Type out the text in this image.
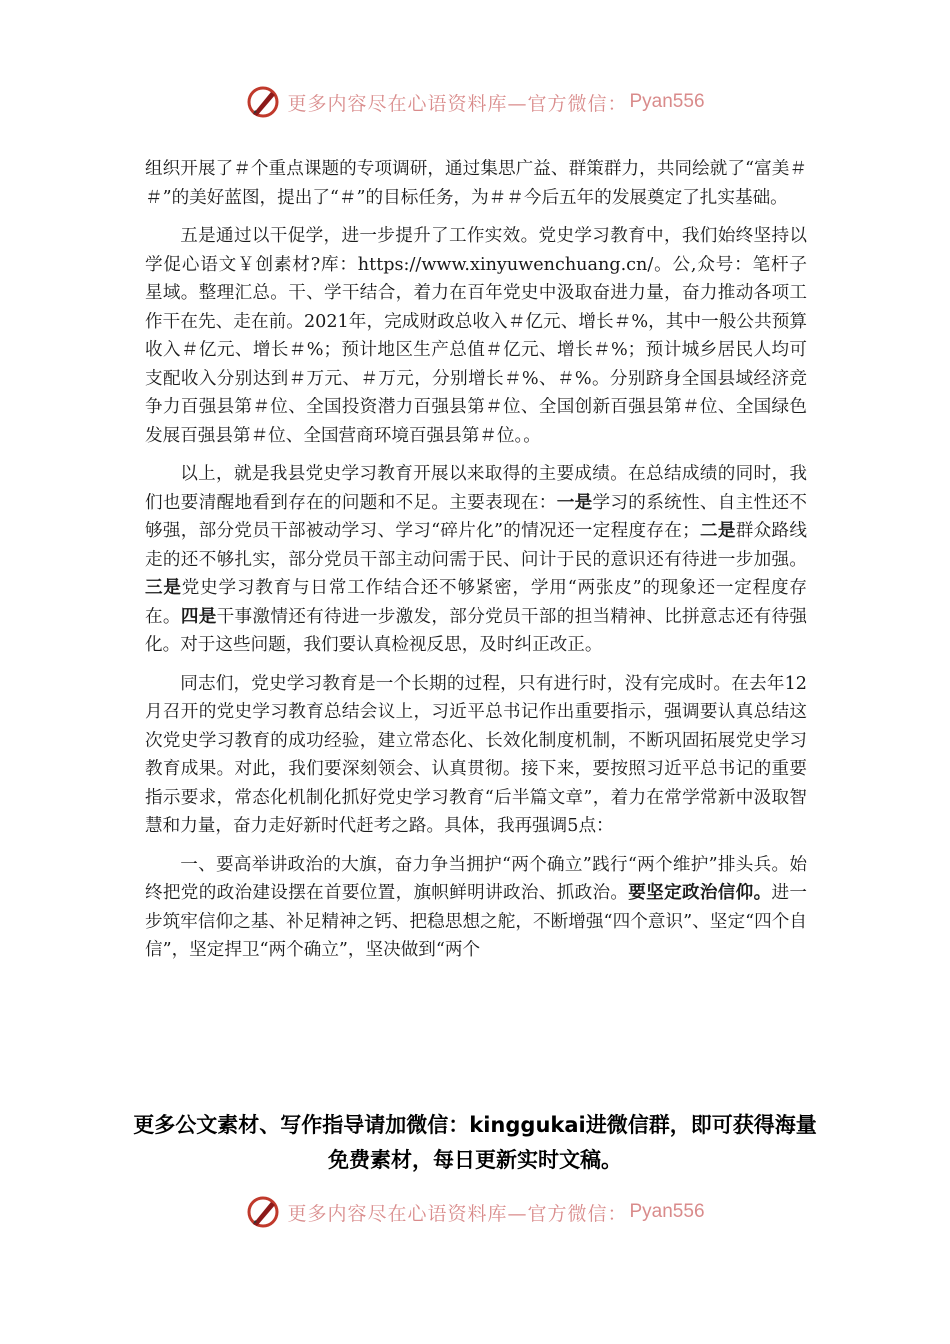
更多内容尽在心语资料库—官方微信： Pyan556

组织开展了＃个重点课题的专项调研，通过集思广益、群策群力，共同绘就了“富美＃＃”的美好蓝图，提出了“＃”的目标任务，为＃＃今后五年的发展奠定了扎实基础。

五是通过以干促学，进一步提升了工作实效。党史学习教育中，我们始终坚持以学促心语文￥创素材?库：https://www.xinyuwenchuang.cn/。公,众号：笔杆子星域。整理汇总。干、学干结合，着力在百年党史中汲取奋进力量，奋力推动各项工作干在先、走在前。2021年，完成财政总收入＃亿元、增长＃%，其中一般公共预算收入＃亿元、增长＃%；预计地区生产总值＃亿元、增长＃%；预计城乡居民人均可支配收入分别达到＃万元、＃万元，分别增长＃%、＃%。分别跻身全国县域经济竞争力百强县第＃位、全国投资潜力百强县第＃位、全国创新百强县第＃位、全国绿色发展百强县第＃位、全国营商环境百强县第＃位。。

以上，就是我县党史学习教育开展以来取得的主要成绩。在总结成绩的同时，我们也要清醒地看到存在的问题和不足。主要表现在：一是学习的系统性、自主性还不够强，部分党员干部被动学习、学习“碎片化”的情况还一定程度存在；二是群众路线走的还不够扎实，部分党员干部主动问需于民、问计于民的意识还有待进一步加强。三是党史学习教育与日常工作结合还不够紧密，学用“两张皮”的现象还一定程度存在。四是干事激情还有待进一步激发，部分党员干部的担当精神、比拼意志还有待强化。对于这些问题，我们要认真检视反思，及时纠正改正。

同志们，党史学习教育是一个长期的过程，只有进行时，没有完成时。在去年12月召开的党史学习教育总结会议上，习近平总书记作出重要指示，强调要认真总结这次党史学习教育的成功经验，建立常态化、长效化制度机制，不断巩固拓展党史学习教育成果。对此，我们要深刻领会、认真贯彻。接下来，要按照习近平总书记的重要指示要求，常态化机制化抓好党史学习教育“后半篇文章”，着力在常学常新中汲取智慧和力量，奋力走好新时代赶考之路。具体，我再强调5点：

一、要高举讲政治的大旗，奋力争当拥护“两个确立”践行“两个维护”排头兵。始终把党的政治建设摆在首要位置，旗帜鲜明讲政治、抓政治。要坚定政治信仰。进一步筑牢信仰之基、补足精神之钙、把稳思想之舵，不断增强“四个意识”、坚定“四个自信”，坚定捍卫“两个确立”，坚决做到“两个

更多公文素材、写作指导请加微信：kinggukai进微信群，即可获得海量免费素材，每日更新实时文稿。
更多内容尽在心语资料库—官方微信： Pyan556
